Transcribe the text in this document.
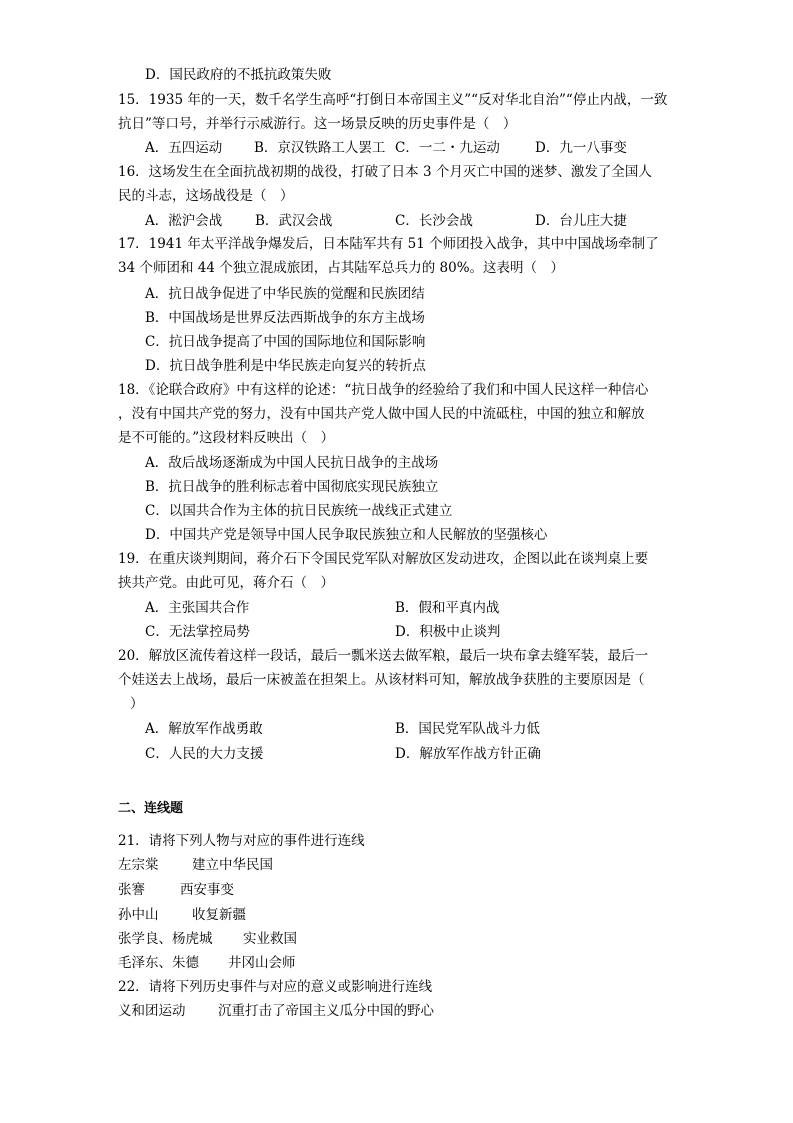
D．国民政府的不抵抗政策失败
15．1935 年的一天，数千名学生高呼“打倒日本帝国主义”“反对华北自治”“停止内战，一致
抗日”等口号，并举行示威游行。这一场景反映的历史事件是（　）
A．五四运动 B．京汉铁路工人罢工 C．一二・九运动	D．九一八事变
16．这场发生在全面抗战初期的战役，打破了日本 3 个月灭亡中国的迷梦、激发了全国人
民的斗志，这场战役是（　）
A．淞沪会战 B．武汉会战	C．长沙会战	D．台儿庄大捷
17．1941 年太平洋战争爆发后，日本陆军共有 51 个师团投入战争，其中中国战场牵制了
34 个师团和 44 个独立混成旅团，占其陆军总兵力的 80%。这表明（　）
A．抗日战争促进了中华民族的觉醒和民族团结
B．中国战场是世界反法西斯战争的东方主战场
C．抗日战争提高了中国的国际地位和国际影响
D．抗日战争胜利是中华民族走向复兴的转折点
18．《论联合政府》中有这样的论述：“抗日战争的经验给了我们和中国人民这样一种信心
，没有中国共产党的努力，没有中国共产党人做中国人民的中流砥柱，中国的独立和解放
是不可能的。”这段材料反映出（　）
A．敌后战场逐渐成为中国人民抗日战争的主战场
B．抗日战争的胜利标志着中国彻底实现民族独立
C．以国共合作为主体的抗日民族统一战线正式建立
D．中国共产党是领导中国人民争取民族独立和人民解放的坚强核心
19．在重庆谈判期间，蒋介石下令国民党军队对解放区发动进攻，企图以此在谈判桌上要
挟共产党。由此可见，蒋介石（　）
A．主张国共合作	B．假和平真内战
C．无法掌控局势	D．积极中止谈判
20．解放区流传着这样一段话，最后一瓢米送去做军粮，最后一块布拿去缝军装，最后一
个娃送去上战场，最后一床被盖在担架上。从该材料可知，解放战争获胜的主要原因是（
）
A．解放军作战勇敢	B．国民党军队战斗力低
C．人民的大力支援	D．解放军作战方针正确
二、连线题
21．请将下列人物与对应的事件进行连线
左宗棠 建立中华民国
张謇	西安事变
孙中山 收复新疆
张学良、杨虎城 实业救国
毛泽东、朱德 井冈山会师
22．请将下列历史事件与对应的意义或影响进行连线
义和团运动 沉重打击了帝国主义瓜分中国的野心
